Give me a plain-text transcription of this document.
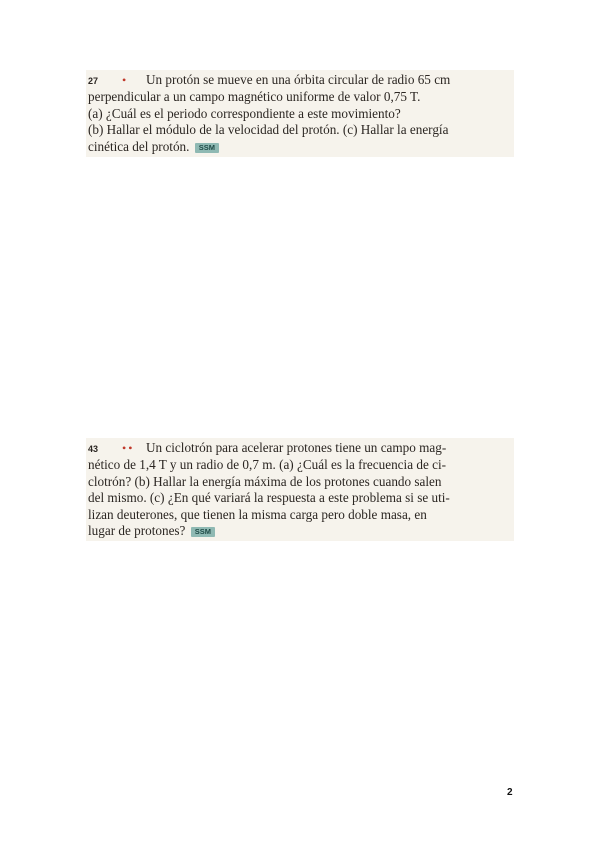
27 • Un protón se mueve en una órbita circular de radio 65 cm

perpendicular a un campo magnético uniforme de valor 0,75 T.

(a) ¿Cuál es el periodo correspondiente a este movimiento?

(b) Hallar el módulo de la velocidad del protón. (c) Hallar la energía

cinética del protón. SSM

43 •• Un ciclotrón para acelerar protones tiene un campo mag-

nético de 1,4 T y un radio de 0,7 m. (a) ¿Cuál es la frecuencia de ci-

clotrón? (b) Hallar la energía máxima de los protones cuando salen

del mismo. (c) ¿En qué variará la respuesta a este problema si se uti-

lizan deuterones, que tienen la misma carga pero doble masa, en

lugar de protones? SSM

2
